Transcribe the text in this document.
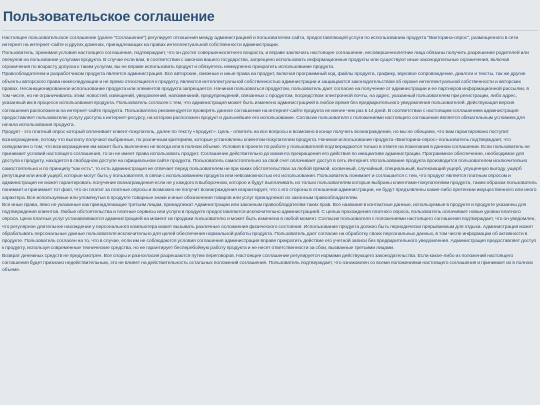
Пользовательское соглашение

Настоящее пользовательское соглашение (далее "Соглашение") регулирует отношения между администрацией и пользователем сайта, предоставляющей услуги по использованию продукта "Викторина-опрос", размещенного в сети интернет на интернет-сайте и других доменах, принадлежащих на правах интеллектуальной собственности администрации.

Пользователь, принимая условия настоящего соглашения, подтверждает, что он достиг совершеннолетнего возраста, и вправе заключать настоящее соглашение, несовершеннолетние лица обязаны получить разрешение родителей или опекунов на пользование услугами продукта. В случае если вам, в соответствии с законом вашего государства, запрещено использовать информационные продукты или существуют иные законодательные ограничения, включая ограничения по возрасту допуска к таким услугам, вы не вправе использовать продукт и обязуетесь немедленно прекратить использование продукта.

Правообладателем и разработчиком продукта является администрация. Все авторские, смежные и иные права на продукт, включая программный код, файлы продукта, графику, звуковое сопровождение, диалоги и тексты, так же другие объекты авторского права нижеследующие и не прямо относящиеся к продукту, являются интеллектуальной собственностью администрации и защищаются законодательством об охране интеллектуальной собственности и авторских правах. Несанкционированное использование продукта или элементов продукта запрещается. Начиная пользоваться продуктом, пользователь дает согласие на получение от администрации и ее партнеров информационной рассылки, в том числе, но не ограничиваясь этим: новостей, извещений, уведомлений, напоминаний, предупреждений, связанных с продуктом, посредством электронной почты, на адрес, указанный пользователем при регистрации, либо адрес, указанный им в процессе использования продукта. Пользователь согласен с тем, что администрация может быть изменено администрацией в любое время без предварительного уведомления пользователей. Действующая версия соглашения расположена на интернет-сайте продукта. Пользователю рекомендуется проверять данное соглашение на интернет-сайте продукта не менее чем раз в 14 дней. В соответствии с настоящим соглашением администрация предоставляет пользователю услугу доступа к интернет-ресурсу, на котором расположен продукт и дальнейшее его использование. Согласие пользователя с положениями настоящего соглашения является обязательным условием для начала использования продукта.

Продукт - это платный опрос который оплачивает клиент-покупатель, далее по тексту «продукт». Цель - ответить на все вопросы и возможно в конце получить вознаграждение, но мы не обещаем, что вам гарантировано поступит вознаграждение, потому что выплату получают выбранные, по различным критериям, которые установлены клиентом-покупателем продукта. Начиная использование продукта «Викторина-опрос» пользователь подтверждает, что осведомлен о том, что вознаграждение им может быть выплачено не всегда или в полном объеме. Условия в проекте по работе у пользователей подтверждаются только в ответе на пожелания в данном соглашении. Если пользователь не принимает условий настоящего соглашения, то он не имеет права использовать продукт. Соглашение действительно до момента прекращения его действия по инициативе администрации. Программное обеспечение, необходимое для доступа к продукту, находится в свободном доступе на официальном сайте продукта. Пользователь самостоятельно за свой счет оплачивает доступ в сеть Интернет. Использование продукта производится пользователем исключительно самостоятельно и по принципу "как есть", то есть администрация не отвечает перед пользователем ни при каких обстоятельствах за любой прямой, косвенный, случайный, специальный, вытекающий ущерб, упущенную выгоду, ущерб репутации или иной ущерб, которые могут быть у пользователя, в связи с использованием продукта или невозможностью его использования. Пользователь понимает и соглашается с тем, что продукт является платным опросом и администрация не может гарантировать получение вознаграждения если не у каждого в выборочном, которое и будут выплачивать но только пользователям которые выбраны клиентами-покупателями продукта, таким образом пользователь понимает и принимает тот факт, что он платит за платные опросы и возможно не получит вознаграждения игарантирует, что с его стороны в отношении администрации, не будут предъявлены какие-либо претензии имущественного или иного характера. Все используемые или упомянутые в продукте товарные знаки и иные обозначения товаров или услуг принадлежат их законным правообладателям.

Все иные права, явно не указанные как принадлежащие третьим лицам, принадлежат Администрации или законным правообладателям таких прав. Все названия в контактные данные, используемые в продукте и продукте указанны для подтверждения клиентов. Любые обстоятельства и платные сервисы или услуги в продукте предоставляются исключительно администрацией. С целью прохождения платного опроса, пользователь оплачивает новые уровни платного опроса. Цена платных услуг устанавливаются администрацией на момент их продажи пользователю и может быть изменена в любой момент. Согласие пользователя с положениями настоящего соглашения подтверждает, что он уведомлен, что регулярное длительное нахождение у персонального компьютера может вызывать различные осложнения физического состояния. Использование продукта должно быть периодически прерываемым для отдыха. Администрация может обрабатывать персональные данные пользователя исключительно для целей обеспечения нормальной работы продукта. Пользователь дает согласие на обработку своих персональных данных, в том числе информации об активности в продукте. Пользователь согласен на то, что в случае, если им не соблюдаются условия соглашения администрация вправе прекратить действие его учетной записи без предварительного уведомления. Администрация предоставляет доступ к продукту, используя современные технические средства, но не гарантирует бесперебойную работу продукта и не несет ответственности за сбои, вызванные третьими лицами.

Возврат денежных средств не предусмотрен. Все споры и разногласия разрешаются путем переговоров. Настоящее соглашение регулируется нормами действующего законодательства. Если какое-либо из положений настоящего соглашения будет признано недействительным, это не влияет на действительность остальных положений соглашения. Пользователь подтверждает, что ознакомлен со всеми положениями настоящего соглашения и принимает их в полном объеме.
